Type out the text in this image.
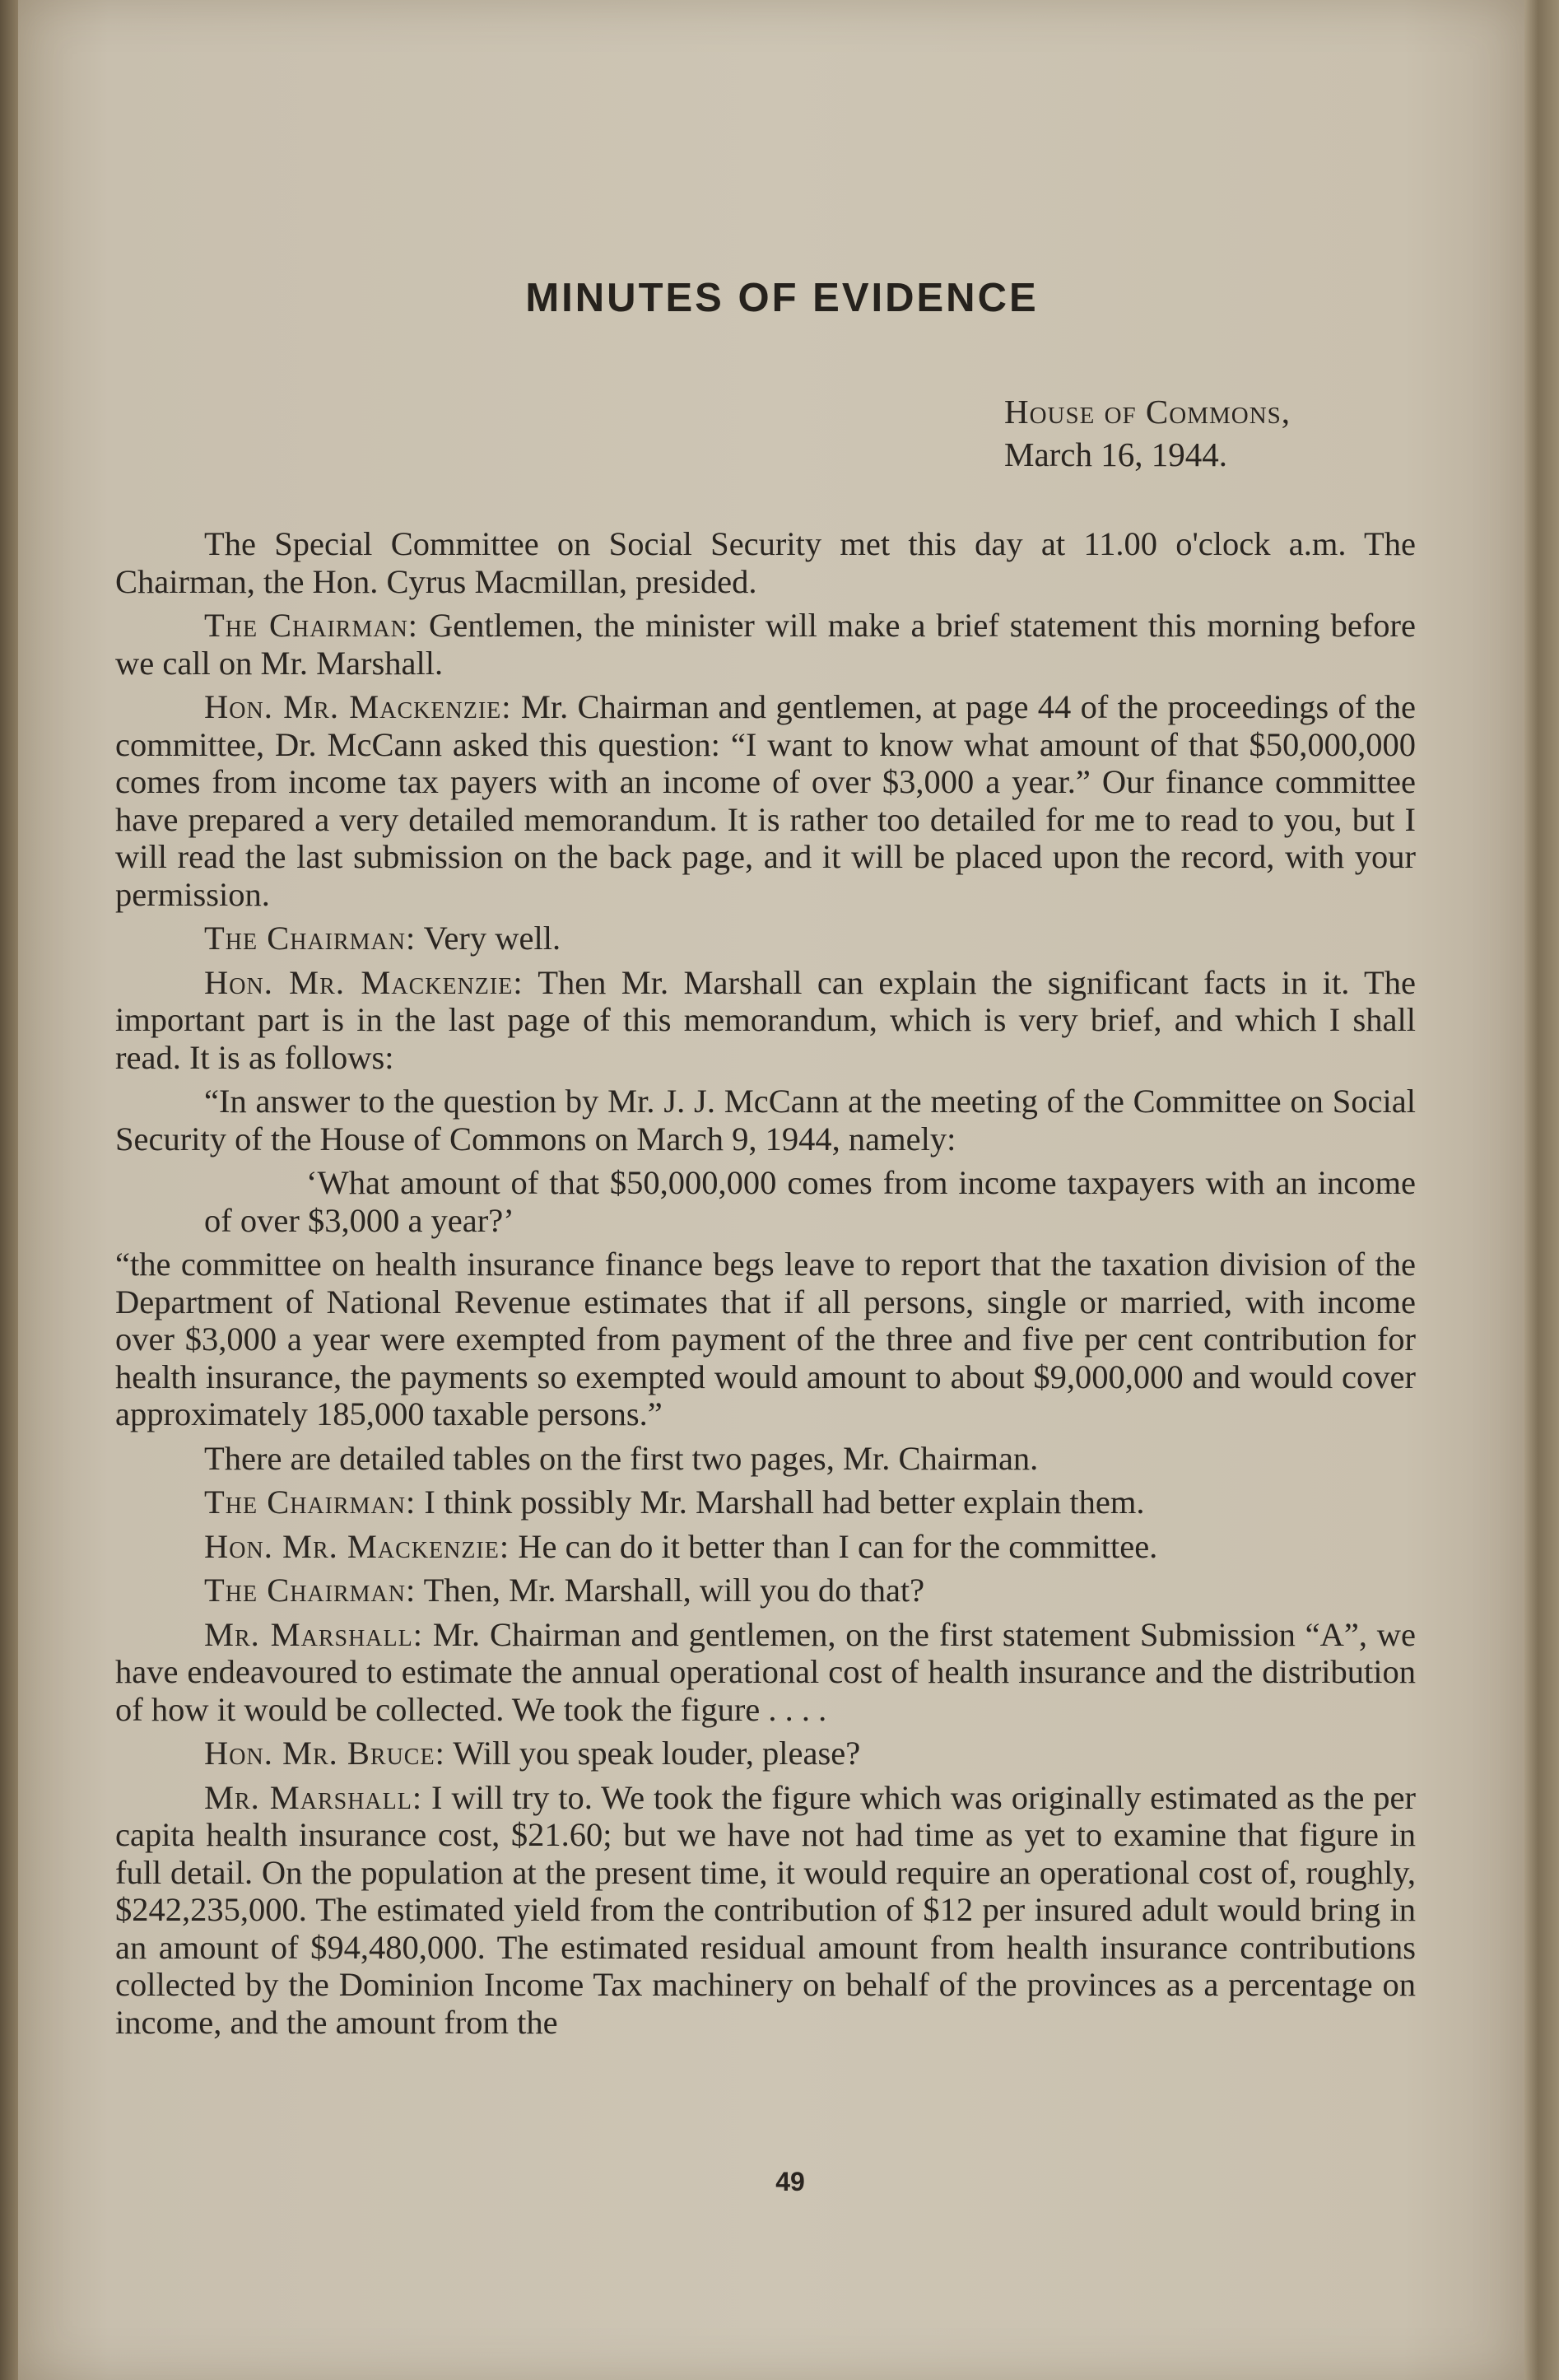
MINUTES OF EVIDENCE
House of Commons,
March 16, 1944.

The Special Committee on Social Security met this day at 11.00 o'clock a.m. The Chairman, the Hon. Cyrus Macmillan, presided.

The Chairman: Gentlemen, the minister will make a brief statement this morning before we call on Mr. Marshall.

Hon. Mr. Mackenzie: Mr. Chairman and gentlemen, at page 44 of the proceedings of the committee, Dr. McCann asked this question: “I want to know what amount of that $50,000,000 comes from income tax payers with an income of over $3,000 a year.” Our finance committee have prepared a very detailed memorandum. It is rather too detailed for me to read to you, but I will read the last submission on the back page, and it will be placed upon the record, with your permission.

The Chairman: Very well.

Hon. Mr. Mackenzie: Then Mr. Marshall can explain the significant facts in it. The important part is in the last page of this memorandum, which is very brief, and which I shall read. It is as follows:

“In answer to the question by Mr. J. J. McCann at the meeting of the Committee on Social Security of the House of Commons on March 9, 1944, namely:

‘What amount of that $50,000,000 comes from income taxpayers with an income of over $3,000 a year?’

“the committee on health insurance finance begs leave to report that the taxation division of the Department of National Revenue estimates that if all persons, single or married, with income over $3,000 a year were exempted from payment of the three and five per cent contribution for health insurance, the payments so exempted would amount to about $9,000,000 and would cover approximately 185,000 taxable persons.”

There are detailed tables on the first two pages, Mr. Chairman.

The Chairman: I think possibly Mr. Marshall had better explain them.

Hon. Mr. Mackenzie: He can do it better than I can for the committee.

The Chairman: Then, Mr. Marshall, will you do that?

Mr. Marshall: Mr. Chairman and gentlemen, on the first statement Submission “A”, we have endeavoured to estimate the annual operational cost of health insurance and the distribution of how it would be collected. We took the figure . . . .

Hon. Mr. Bruce: Will you speak louder, please?

Mr. Marshall: I will try to. We took the figure which was originally estimated as the per capita health insurance cost, $21.60; but we have not had time as yet to examine that figure in full detail. On the population at the present time, it would require an operational cost of, roughly, $242,235,000. The estimated yield from the contribution of $12 per insured adult would bring in an amount of $94,480,000. The estimated residual amount from health insurance contributions collected by the Dominion Income Tax machinery on behalf of the provinces as a percentage on income, and the amount from the

49
